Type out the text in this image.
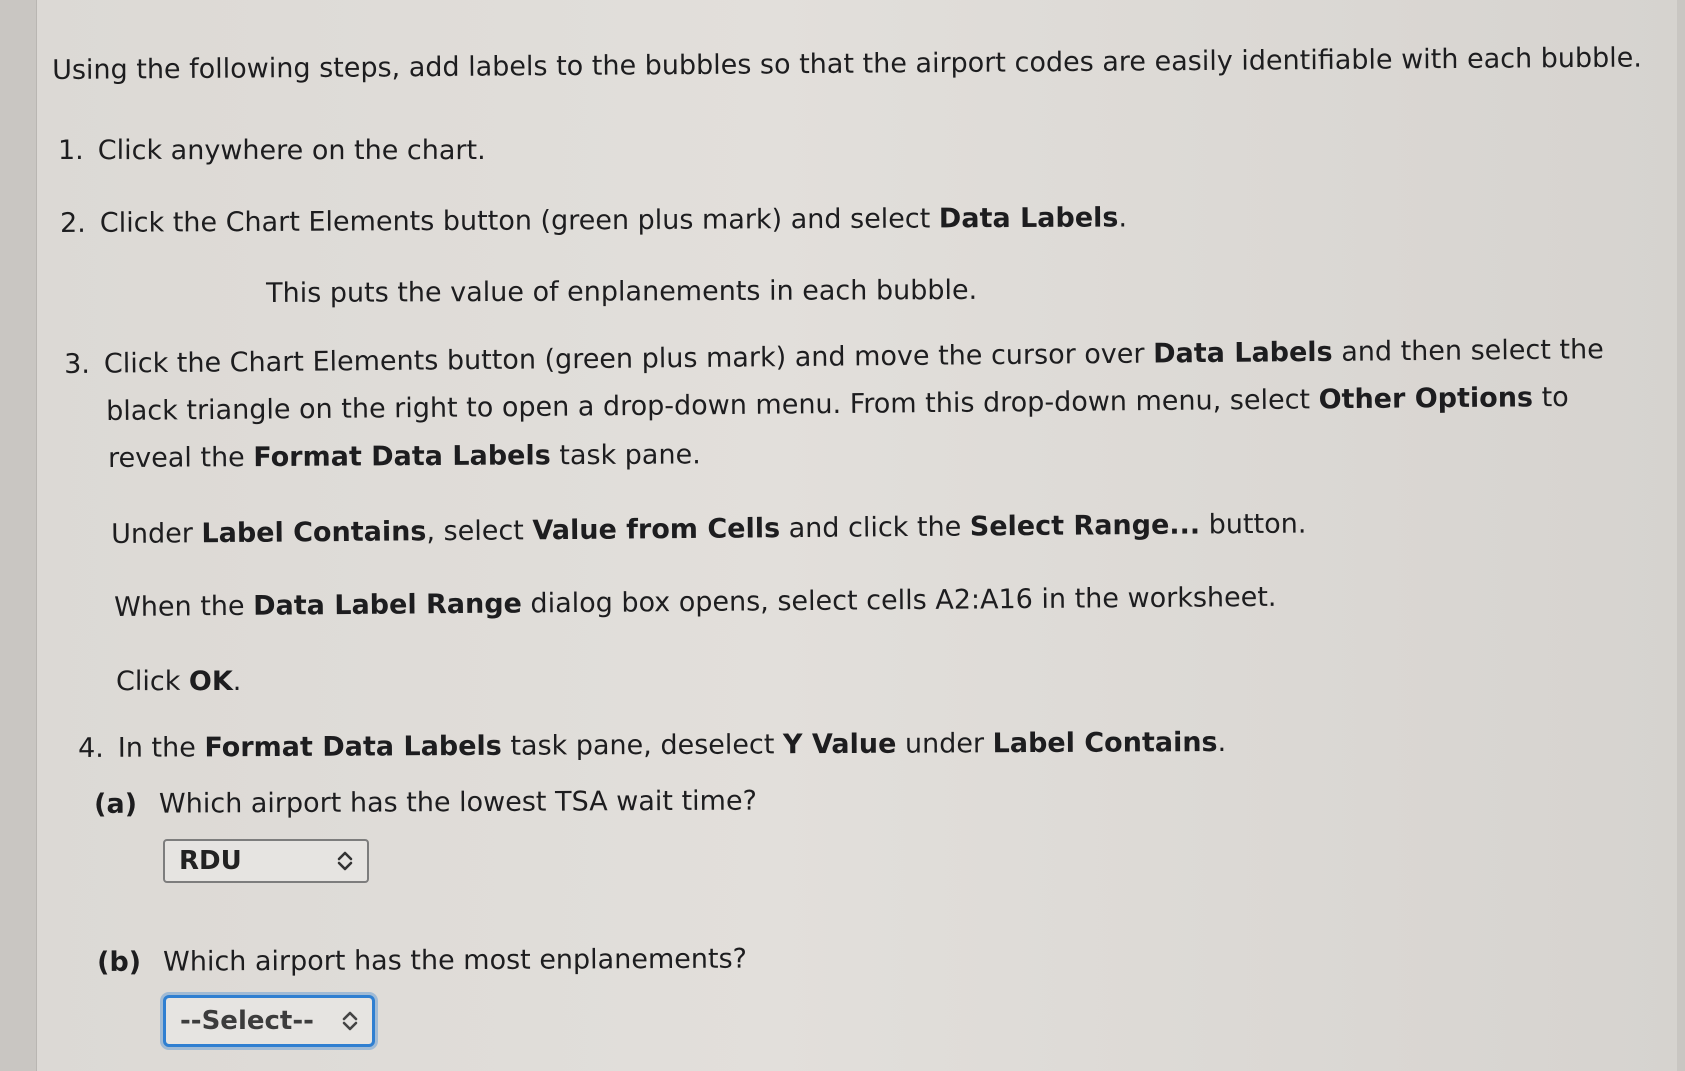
Using the following steps, add labels to the bubbles so that the airport codes are easily identifiable with each bubble.
1. Click anywhere on the chart.
2. Click the Chart Elements button (green plus mark) and select Data Labels.
This puts the value of enplanements in each bubble.
3. Click the Chart Elements button (green plus mark) and move the cursor over Data Labels and then select the
black triangle on the right to open a drop-down menu. From this drop-down menu, select Other Options to
reveal the Format Data Labels task pane.
Under Label Contains, select Value from Cells and click the Select Range... button.
When the Data Label Range dialog box opens, select cells A2:A16 in the worksheet.
Click OK.
4. In the Format Data Labels task pane, deselect Y Value under Label Contains.
(a) Which airport has the lowest TSA wait time?
RDU
(b) Which airport has the most enplanements?
--Select--
